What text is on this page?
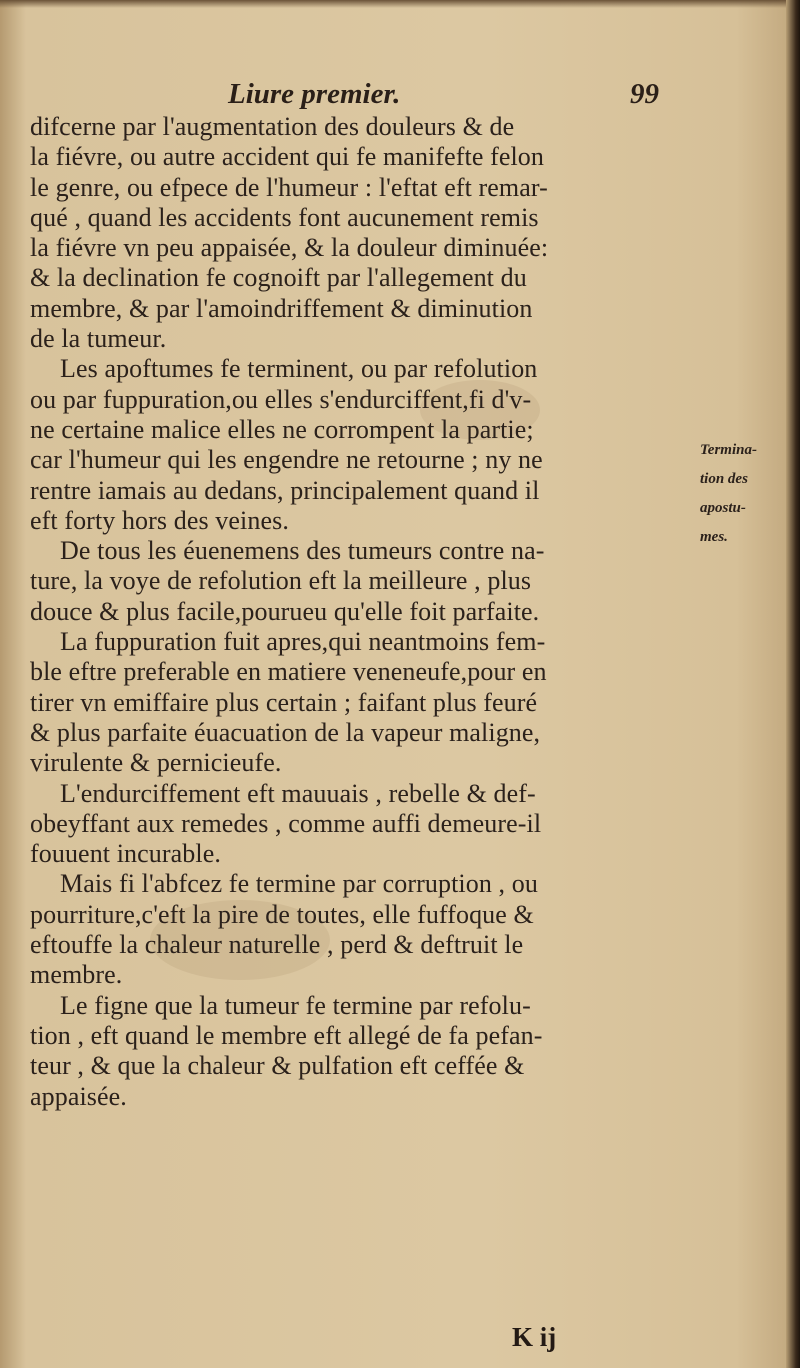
Liure premier.	99
difcerne par l'augmentation des douleurs & de
la fiévre, ou autre accident qui fe manifefte felon
le genre, ou efpece de l'humeur : l'eftat eft remar-
qué , quand les accidents font aucunement remis
la fiévre vn peu appaisée, & la douleur diminuée:
& la declination fe cognoift par l'allegement du
membre, & par l'amoindriffement & diminution
de la tumeur.
Les apoftumes fe terminent, ou par refolution
ou par fuppuration,ou elles s'endurciffent,fi d'v-
ne certaine malice elles ne corrompent la partie;
car l'humeur qui les engendre ne retourne ; ny ne
rentre iamais au dedans, principalement quand il
eft forty hors des veines.
De tous les éuenemens des tumeurs contre na-
ture, la voye de refolution eft la meilleure , plus
douce & plus facile,pourueu qu'elle foit parfaite.
La fuppuration fuit apres,qui neantmoins fem-
ble eftre preferable en matiere veneneufe,pour en
tirer vn emiffaire plus certain ; faifant plus feuré
& plus parfaite éuacuation de la vapeur maligne,
virulente & pernicieufe.
L'endurciffement eft mauuais , rebelle & def-
obeyffant aux remedes , comme auffi demeure-il
fouuent incurable.
Mais fi l'abfcez fe termine par corruption , ou
pourriture,c'eft la pire de toutes, elle fuffoque &
eftouffe la chaleur naturelle , perd & deftruit le
membre.
Le figne que la tumeur fe termine par refolu-
tion , eft quand le membre eft allegé de fa pefan-
teur , & que la chaleur & pulfation eft ceffée &
appaisée.
Termina-
tion des
apostu-
mes.
K ij
